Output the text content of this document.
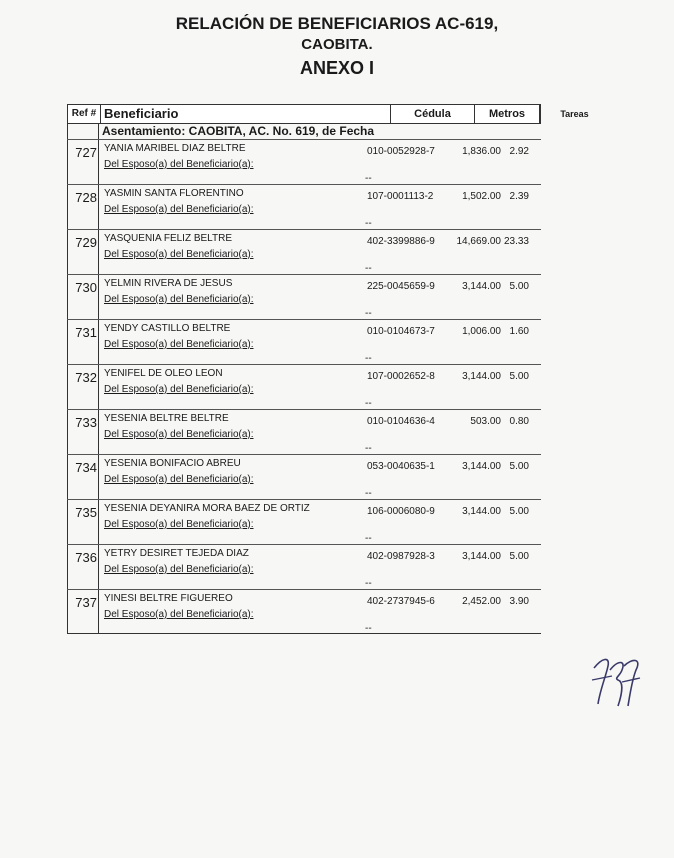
RELACIÓN DE BENEFICIARIOS AC-619,
CAOBITA.
ANEXO I
Ref # Beneficiario	Cédula	Metros	Tareas
Asentamiento: CAOBITA, AC. No. 619, de Fecha
727 YANIA MARIBEL DIAZ BELTRE
Del Esposo(a) del Beneficiario(a):
--
010-0052928-7	1,836.00 2.92
728 YASMIN SANTA FLORENTINO
Del Esposo(a) del Beneficiario(a):
--
107-0001113-2	1,502.00 2.39
729 YASQUENIA FELIZ BELTRE
Del Esposo(a) del Beneficiario(a):
--
402-3399886-9	14,669.00 23.33
730 YELMIN RIVERA DE JESUS
Del Esposo(a) del Beneficiario(a):
--
225-0045659-9	3,144.00 5.00
731 YENDY CASTILLO BELTRE
Del Esposo(a) del Beneficiario(a):
--
010-0104673-7	1,006.00 1.60
732 YENIFEL DE OLEO LEON
Del Esposo(a) del Beneficiario(a):
--
107-0002652-8	3,144.00 5.00
733 YESENIA BELTRE BELTRE
Del Esposo(a) del Beneficiario(a):
--
010-0104636-4	503.00 0.80
734 YESENIA BONIFACIO ABREU
Del Esposo(a) del Beneficiario(a):
--
053-0040635-1	3,144.00 5.00
735 YESENIA DEYANIRA MORA BAEZ DE ORTIZ
Del Esposo(a) del Beneficiario(a):
--
106-0006080-9	3,144.00 5.00
736 YETRY DESIRET TEJEDA DIAZ
Del Esposo(a) del Beneficiario(a):
--
402-0987928-3	3,144.00 5.00
737 YINESI BELTRE FIGUEREO
Del Esposo(a) del Beneficiario(a):
--
402-2737945-6	2,452.00 3.90
